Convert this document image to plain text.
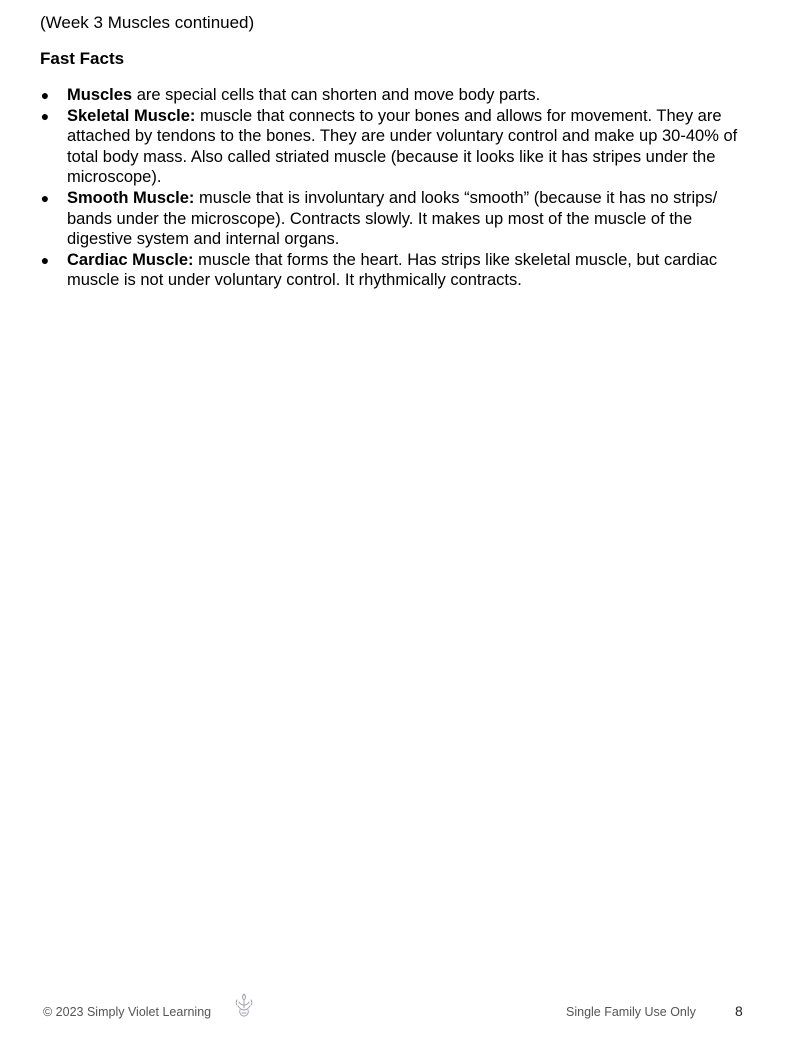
(Week 3 Muscles continued)
Fast Facts
● Muscles are special cells that can shorten and move body parts.
● Skeletal Muscle: muscle that connects to your bones and allows for movement. They are attached by tendons to the bones. They are under voluntary control and make up 30-40% of total body mass. Also called striated muscle (because it looks like it has stripes under the microscope).
● Smooth Muscle: muscle that is involuntary and looks “smooth” (because it has no strips/ bands under the microscope). Contracts slowly. It makes up most of the muscle of the digestive system and internal organs.
● Cardiac Muscle: muscle that forms the heart. Has strips like skeletal muscle, but cardiac muscle is not under voluntary control. It rhythmically contracts.
© 2023 Simply Violet Learning	Single Family Use Only	8
